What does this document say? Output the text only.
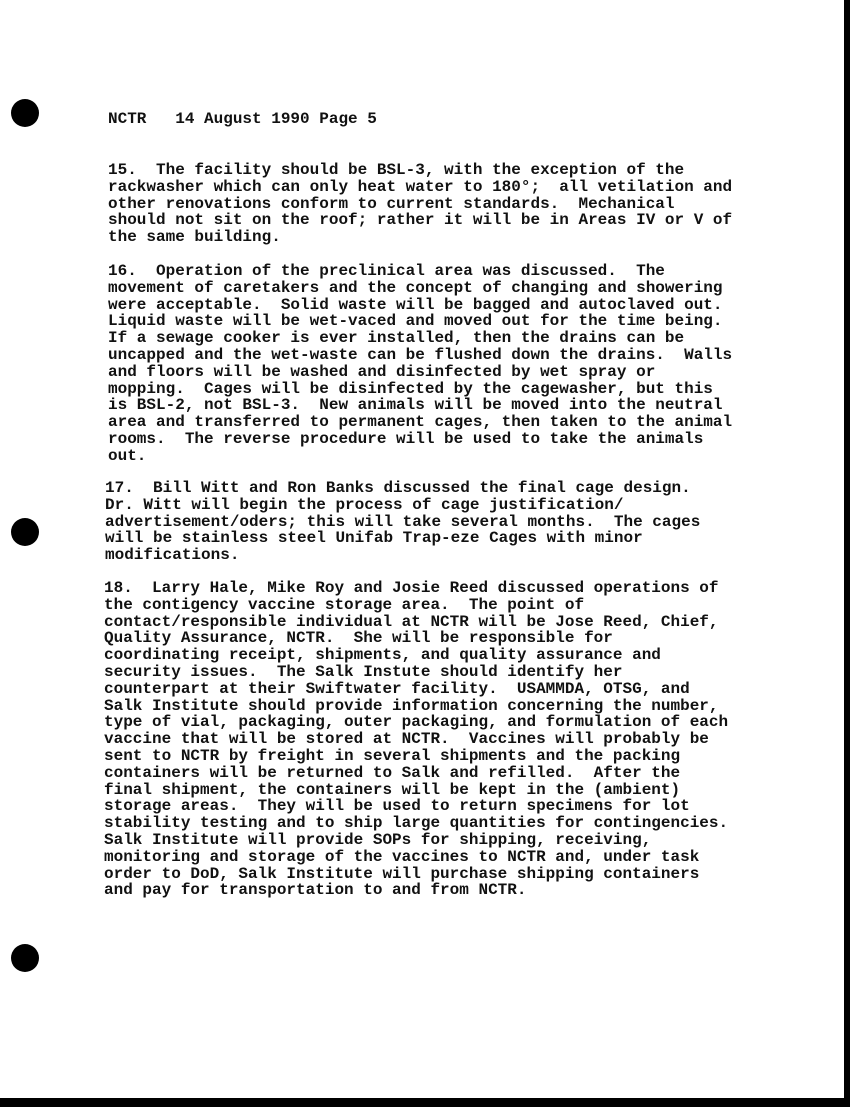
NCTR   14 August 1990 Page 5
15.  The facility should be BSL-3, with the exception of the
rackwasher which can only heat water to 180°;  all vetilation and
other renovations conform to current standards.  Mechanical
should not sit on the roof; rather it will be in Areas IV or V of
the same building.
16.  Operation of the preclinical area was discussed.  The
movement of caretakers and the concept of changing and showering
were acceptable.  Solid waste will be bagged and autoclaved out.
Liquid waste will be wet-vaced and moved out for the time being.
If a sewage cooker is ever installed, then the drains can be
uncapped and the wet-waste can be flushed down the drains.  Walls
and floors will be washed and disinfected by wet spray or
mopping.  Cages will be disinfected by the cagewasher, but this
is BSL-2, not BSL-3.  New animals will be moved into the neutral
area and transferred to permanent cages, then taken to the animal
rooms.  The reverse procedure will be used to take the animals
out.
17.  Bill Witt and Ron Banks discussed the final cage design.
Dr. Witt will begin the process of cage justification/
advertisement/oders; this will take several months.  The cages
will be stainless steel Unifab Trap-eze Cages with minor
modifications.
18.  Larry Hale, Mike Roy and Josie Reed discussed operations of
the contigency vaccine storage area.  The point of
contact/responsible individual at NCTR will be Jose Reed, Chief,
Quality Assurance, NCTR.  She will be responsible for
coordinating receipt, shipments, and quality assurance and
security issues.  The Salk Instute should identify her
counterpart at their Swiftwater facility.  USAMMDA, OTSG, and
Salk Institute should provide information concerning the number,
type of vial, packaging, outer packaging, and formulation of each
vaccine that will be stored at NCTR.  Vaccines will probably be
sent to NCTR by freight in several shipments and the packing
containers will be returned to Salk and refilled.  After the
final shipment, the containers will be kept in the (ambient)
storage areas.  They will be used to return specimens for lot
stability testing and to ship large quantities for contingencies.
Salk Institute will provide SOPs for shipping, receiving,
monitoring and storage of the vaccines to NCTR and, under task
order to DoD, Salk Institute will purchase shipping containers
and pay for transportation to and from NCTR.
